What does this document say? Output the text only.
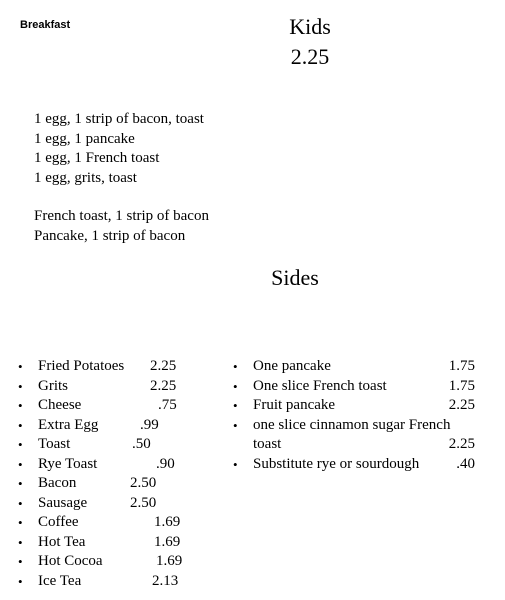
Breakfast	Kids
2.25
1 egg, 1 strip of bacon, toast
1 egg, 1 pancake
1 egg, 1 French toast
1 egg, grits, toast
French toast, 1 strip of bacon
Pancake, 1 strip of bacon
Sides
• Fried Potatoes 2.25
• Grits	2.25
• Cheese	.75
• Extra Egg	.99
• Toast	.50
• Rye Toast	.90
• Bacon	2.50
• Sausage	2.50
• Coffee	1.69
• Hot Tea	1.69
• Hot Cocoa	1.69
• Ice Tea	2.13
• One pancake	1.75
• One slice French toast	1.75
• Fruit pancake	2.25
• one slice cinnamon sugar French
toast	2.25
• Substitute rye or sourdough .40
